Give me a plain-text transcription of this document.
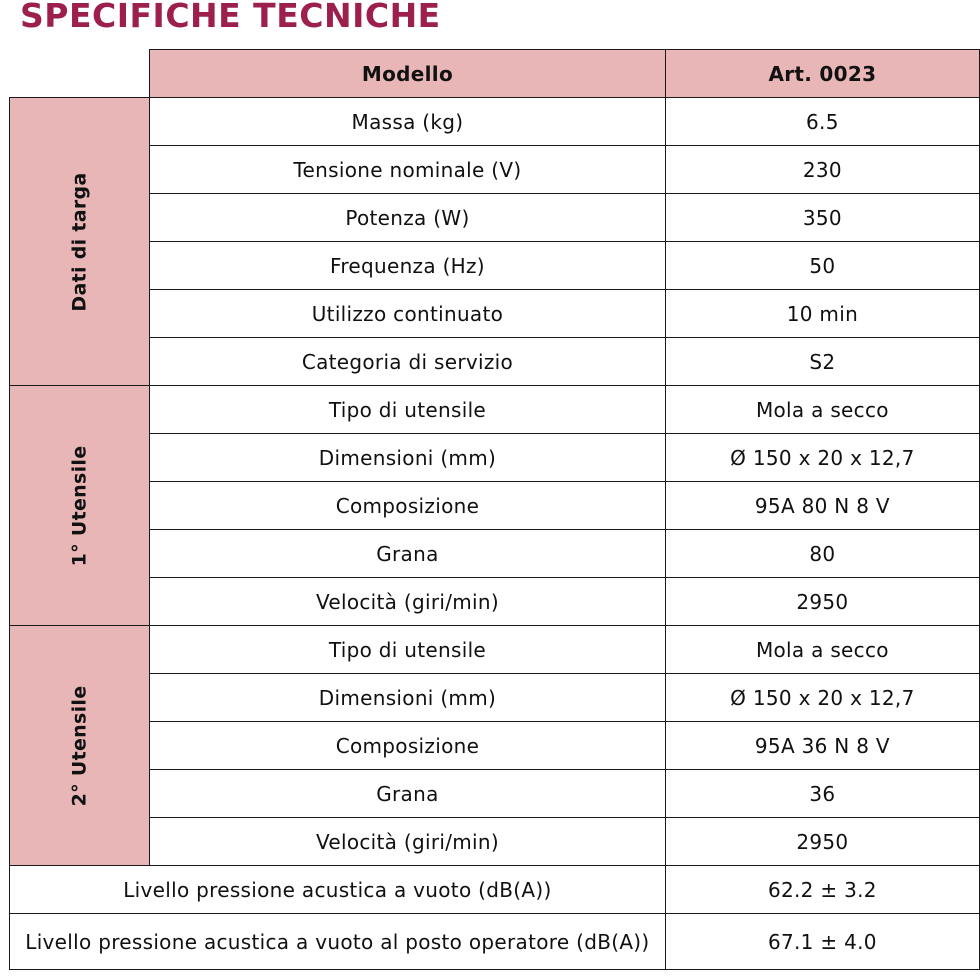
SPECIFICHE TECNICHE
	Modello	Art. 0023
Dati di targa	Massa (kg)	6.5
	Tensione nominale (V)	230
	Potenza (W)	350
	Frequenza (Hz)	50
	Utilizzo continuato	10 min
	Categoria di servizio	S2
1° Utensile	Tipo di utensile	Mola a secco
	Dimensioni (mm)	Ø 150 x 20 x 12,7
	Composizione	95A 80 N 8 V
	Grana	80
	Velocità (giri/min)	2950
2° Utensile	Tipo di utensile	Mola a secco
	Dimensioni (mm)	Ø 150 x 20 x 12,7
	Composizione	95A 36 N 8 V
	Grana	36
	Velocità (giri/min)	2950
Livello pressione acustica a vuoto (dB(A))		62.2 ± 3.2
Livello pressione acustica a vuoto al posto operatore (dB(A))		67.1 ± 4.0
